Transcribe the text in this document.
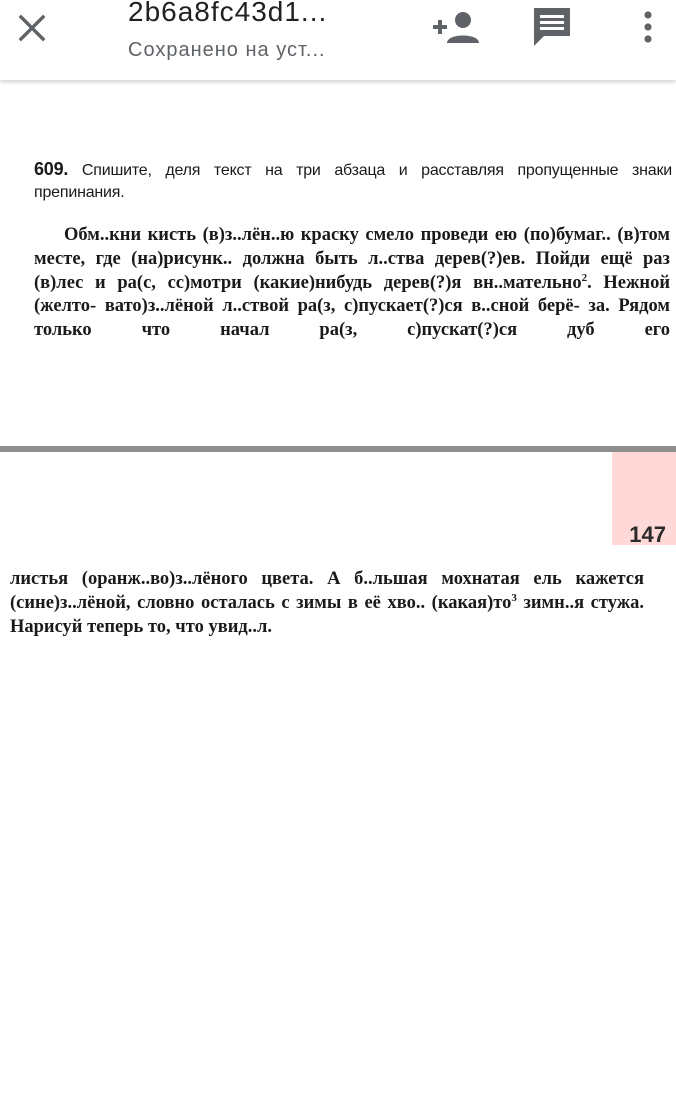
2b6a8fc43d1...
Сохранено на уст...
609. Спишите, деля текст на три абзаца и расставляя пропущенные знаки препинания.

Обм..кни кисть (в)з..лён..ю краску смело проведи ею (по)бумаг.. (в)том месте, где (на)рисунк.. должна быть л..ства дерев(?)ев. Пойди ещё раз (в)лес и ра(с, сс)мотри (какие)нибудь дерев(?)я вн..мательно$^2$. Нежной (желто- вато)з..лёной л..ствой ра(з, с)пускает(?)ся в..сной берё- за. Рядом только что начал ра(з, с)пускат(?)ся дуб его

147

листья (оранж..во)з..лёного цвета. А б..льшая мохнатая ель кажется (сине)з..лёной, словно осталась с зимы в её хво.. $(какая)то^3$ зимн..я стужа. Нарисуй теперь то, что увид..л.
